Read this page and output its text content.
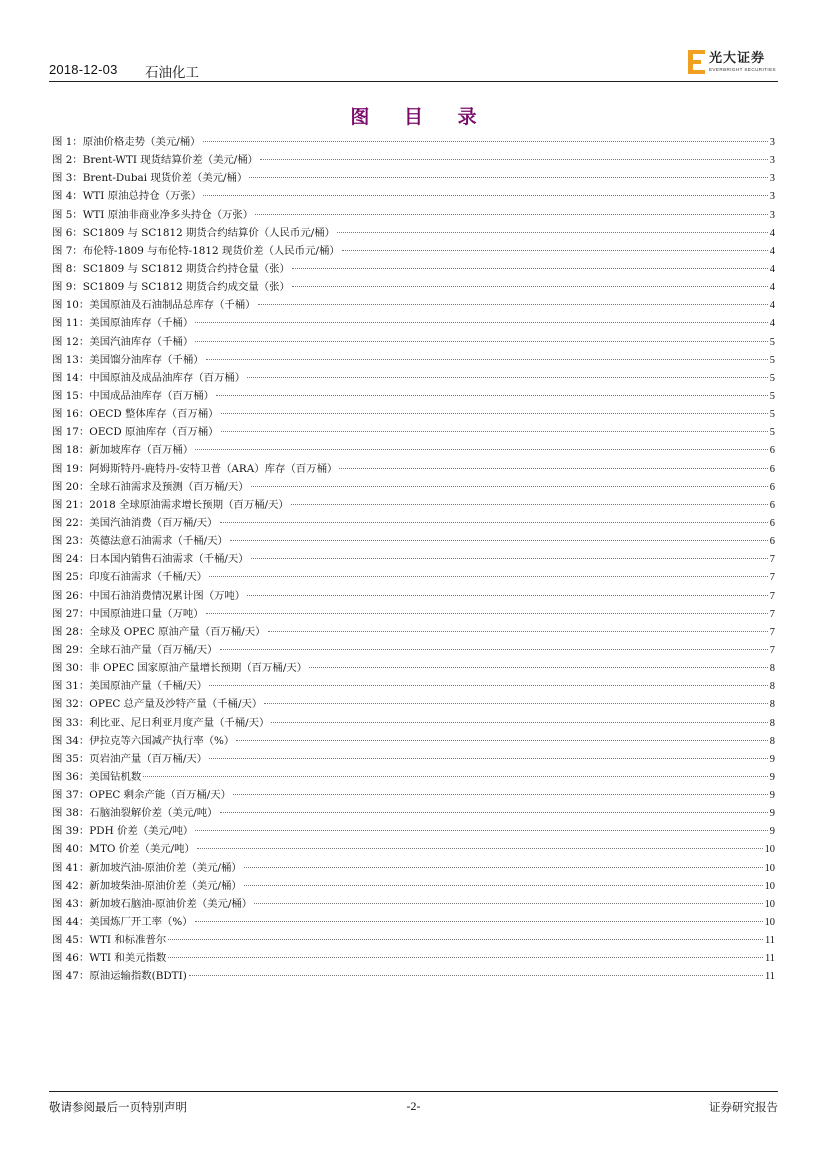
2018-12-03 石油化工
光大证券
EVERBRIGHT SECURITIES
图 目 录
图 1：原油价格走势（美元/桶）	3
图 2：Brent-WTI 现货结算价差（美元/桶）	3
图 3：Brent-Dubai 现货价差（美元/桶）	3
图 4：WTI 原油总持仓（万张）	3
图 5：WTI 原油非商业净多头持仓（万张）	3
图 6：SC1809 与 SC1812 期货合约结算价（人民币元/桶）	4
图 7：布伦特-1809 与布伦特-1812 现货价差（人民币元/桶）	4
图 8：SC1809 与 SC1812 期货合约持仓量（张）	4
图 9：SC1809 与 SC1812 期货合约成交量（张）	4
图 10：美国原油及石油制品总库存（千桶）	4
图 11：美国原油库存（千桶）	4
图 12：美国汽油库存（千桶）	5
图 13：美国馏分油库存（千桶）	5
图 14：中国原油及成品油库存（百万桶）	5
图 15：中国成品油库存（百万桶）	5
图 16：OECD 整体库存（百万桶）	5
图 17：OECD 原油库存（百万桶）	5
图 18：新加坡库存（百万桶）	6
图 19：阿姆斯特丹-鹿特丹-安特卫普（ARA）库存（百万桶）	6
图 20：全球石油需求及预测（百万桶/天）	6
图 21：2018 全球原油需求增长预期（百万桶/天）	6
图 22：美国汽油消费（百万桶/天）	6
图 23：英德法意石油需求（千桶/天）	6
图 24：日本国内销售石油需求（千桶/天）	7
图 25：印度石油需求（千桶/天）	7
图 26：中国石油消费情况累计图（万吨）	7
图 27：中国原油进口量（万吨）	7
图 28：全球及 OPEC 原油产量（百万桶/天）	7
图 29：全球石油产量（百万桶/天）	7
图 30：非 OPEC 国家原油产量增长预期（百万桶/天）	8
图 31：美国原油产量（千桶/天）	8
图 32：OPEC 总产量及沙特产量（千桶/天）	8
图 33：利比亚、尼日利亚月度产量（千桶/天）	8
图 34：伊拉克等六国减产执行率（%）	8
图 35：页岩油产量（百万桶/天）	9
图 36：美国钻机数	9
图 37：OPEC 剩余产能（百万桶/天）	9
图 38：石脑油裂解价差（美元/吨）	9
图 39：PDH 价差（美元/吨）	9
图 40：MTO 价差（美元/吨）	10
图 41：新加坡汽油-原油价差（美元/桶）	10
图 42：新加坡柴油-原油价差（美元/桶）	10
图 43：新加坡石脑油-原油价差（美元/桶）	10
图 44：美国炼厂开工率（%）	10
图 45：WTI 和标准普尔	11
图 46：WTI 和美元指数	11
图 47：原油运输指数(BDTI)	11
敬请参阅最后一页特别声明	-2-	证券研究报告
